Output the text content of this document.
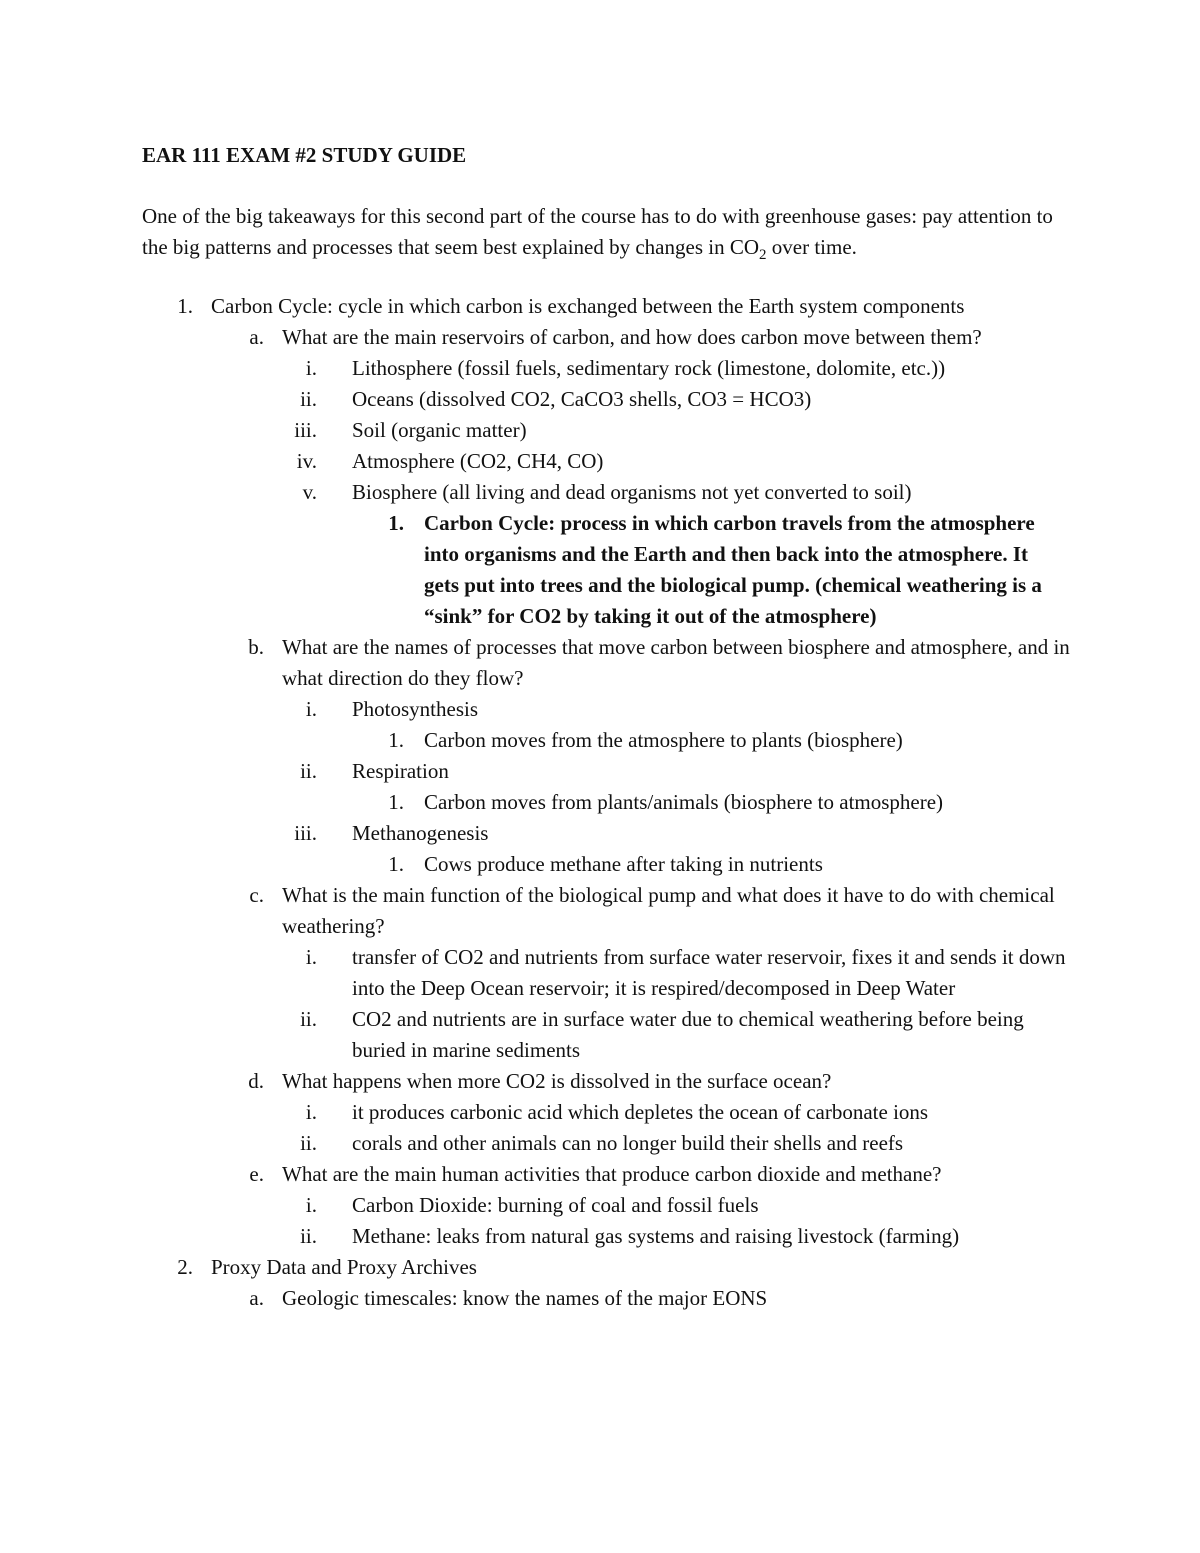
EAR 111 EXAM #2 STUDY GUIDE

One of the big takeaways for this second part of the course has to do with greenhouse gases: pay attention to the big patterns and processes that seem best explained by changes in $CO_2$ over time.

1. Carbon Cycle: cycle in which carbon is exchanged between the Earth system components
a. What are the main reservoirs of carbon, and how does carbon move between them?
i. Lithosphere (fossil fuels, sedimentary rock (limestone, dolomite, etc.))
ii. Oceans (dissolved CO2, CaCO3 shells, CO3 = HCO3)
iii. Soil (organic matter)
iv. Atmosphere (CO2, CH4, CO)
v. Biosphere (all living and dead organisms not yet converted to soil)
1. Carbon Cycle: process in which carbon travels from the atmosphere into organisms and the Earth and then back into the atmosphere. It gets put into trees and the biological pump. (chemical weathering is a “sink” for CO2 by taking it out of the atmosphere)
b. What are the names of processes that move carbon between biosphere and atmosphere, and in what direction do they flow?
i. Photosynthesis
1. Carbon moves from the atmosphere to plants (biosphere)
ii. Respiration
1. Carbon moves from plants/animals (biosphere to atmosphere)
iii. Methanogenesis
1. Cows produce methane after taking in nutrients
c. What is the main function of the biological pump and what does it have to do with chemical weathering?
i. transfer of CO2 and nutrients from surface water reservoir, fixes it and sends it down into the Deep Ocean reservoir; it is respired/decomposed in Deep Water
ii. CO2 and nutrients are in surface water due to chemical weathering before being buried in marine sediments
d. What happens when more CO2 is dissolved in the surface ocean?
i. it produces carbonic acid which depletes the ocean of carbonate ions
ii. corals and other animals can no longer build their shells and reefs
e. What are the main human activities that produce carbon dioxide and methane?
i. Carbon Dioxide: burning of coal and fossil fuels
ii. Methane: leaks from natural gas systems and raising livestock (farming)
2. Proxy Data and Proxy Archives
a. Geologic timescales: know the names of the major EONS
